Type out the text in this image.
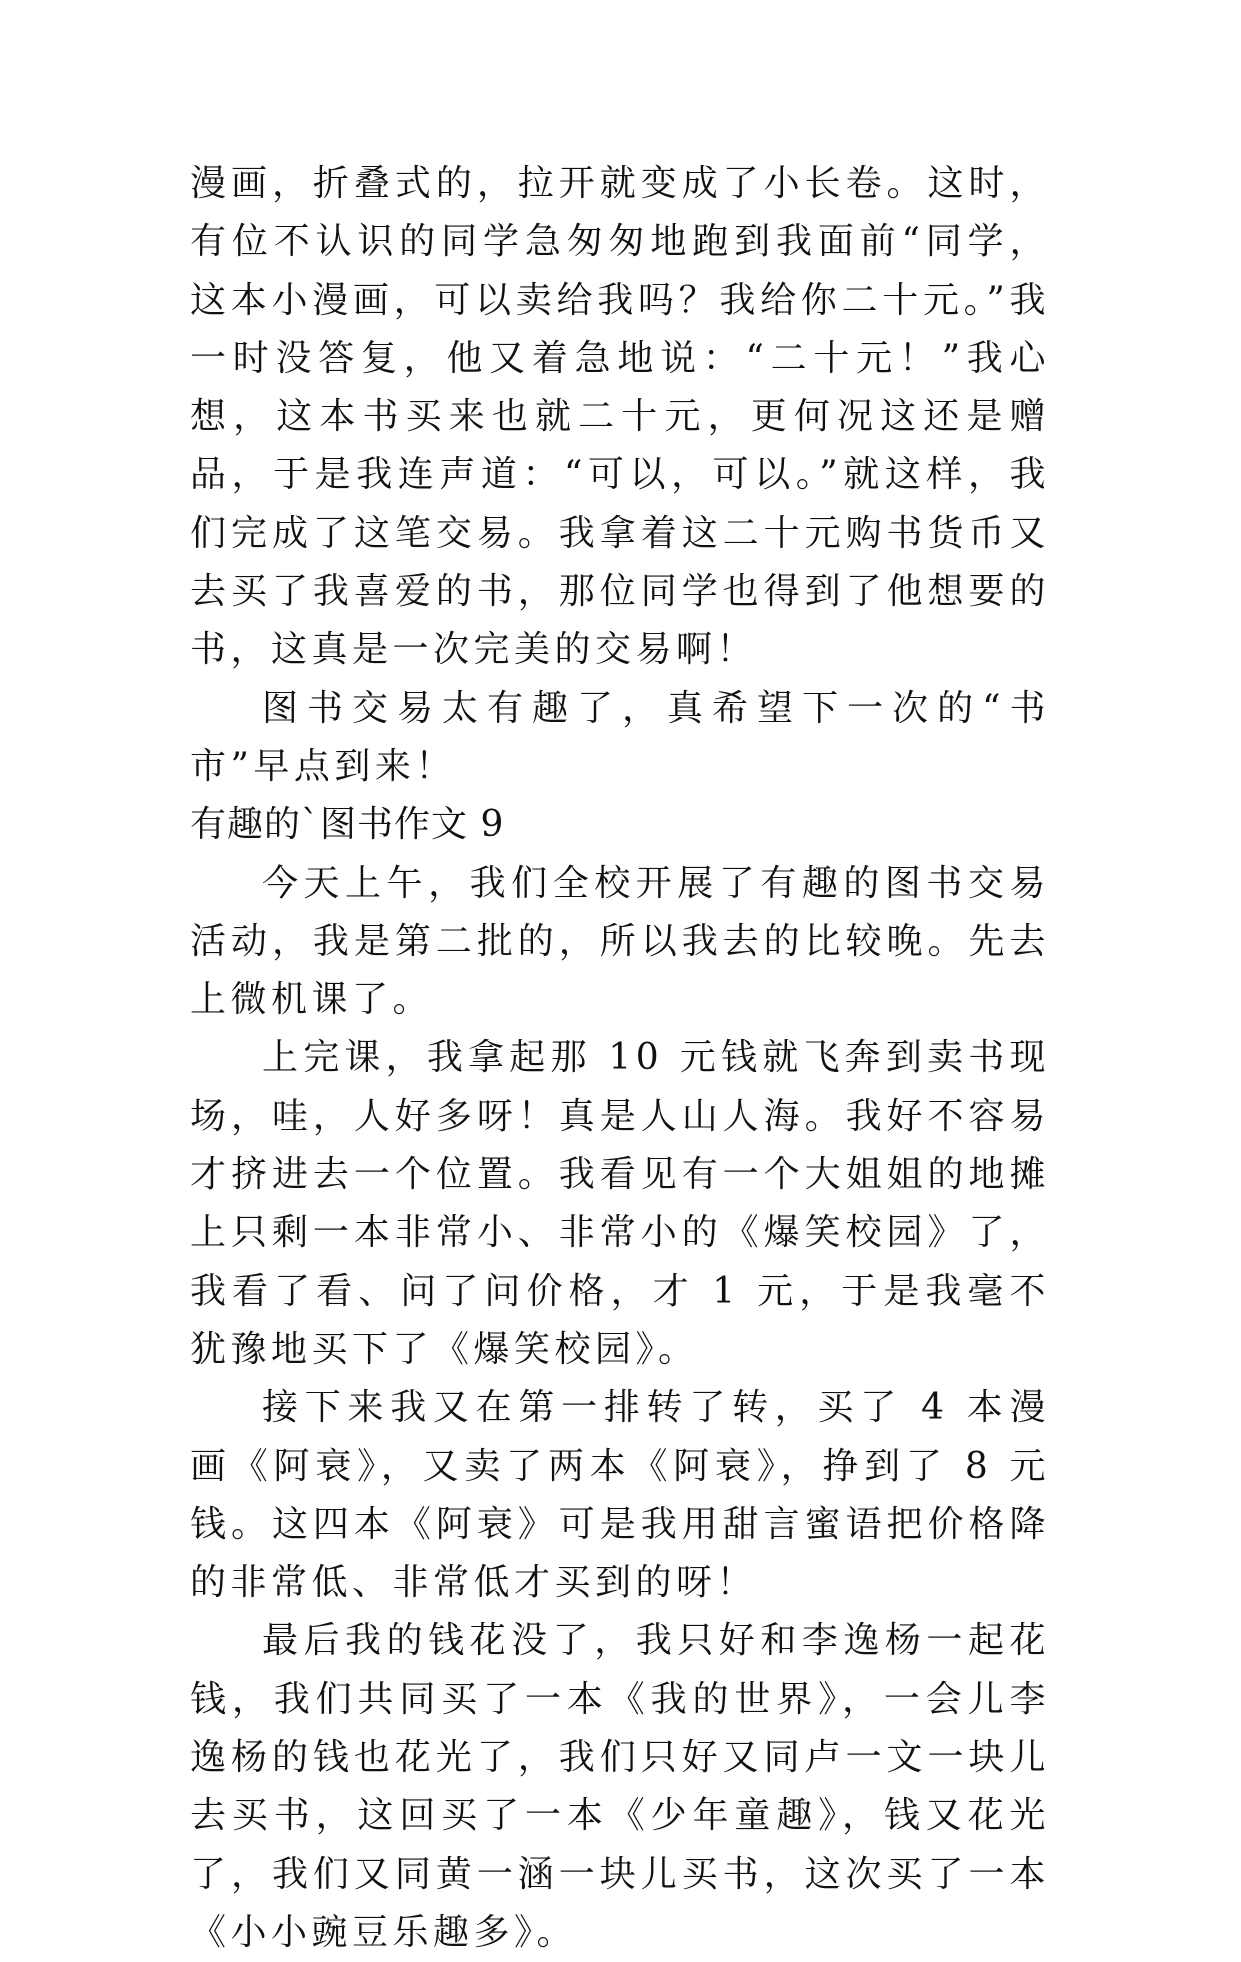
漫画，折叠式的，拉开就变成了小长卷。这时，有位不认识的同学急匆匆地跑到我面前“同学，这本小漫画，可以卖给我吗？我给你二十元。”我一时没答复，他又着急地说：“二十元！”我心想，这本书买来也就二十元，更何况这还是赠品，于是我连声道：“可以，可以。”就这样，我们完成了这笔交易。我拿着这二十元购书货币又去买了我喜爱的书，那位同学也得到了他想要的书，这真是一次完美的交易啊！

图书交易太有趣了，真希望下一次的“书市”早点到来！

有趣的`图书作文 9

今天上午，我们全校开展了有趣的图书交易活动，我是第二批的，所以我去的比较晚。先去上微机课了。

上完课，我拿起那 10 元钱就飞奔到卖书现场，哇，人好多呀！真是人山人海。我好不容易才挤进去一个位置。我看见有一个大姐姐的地摊上只剩一本非常小、非常小的《爆笑校园》了，我看了看、问了问价格，才 1 元，于是我毫不犹豫地买下了《爆笑校园》。

接下来我又在第一排转了转，买了 4 本漫画《阿衰》，又卖了两本《阿衰》，挣到了 8 元钱。这四本《阿衰》可是我用甜言蜜语把价格降的非常低、非常低才买到的呀！

最后我的钱花没了，我只好和李逸杨一起花钱，我们共同买了一本《我的世界》，一会儿李逸杨的钱也花光了，我们只好又同卢一文一块儿去买书，这回买了一本《少年童趣》，钱又花光了，我们又同黄一涵一块儿买书，这次买了一本《小小豌豆乐趣多》。
